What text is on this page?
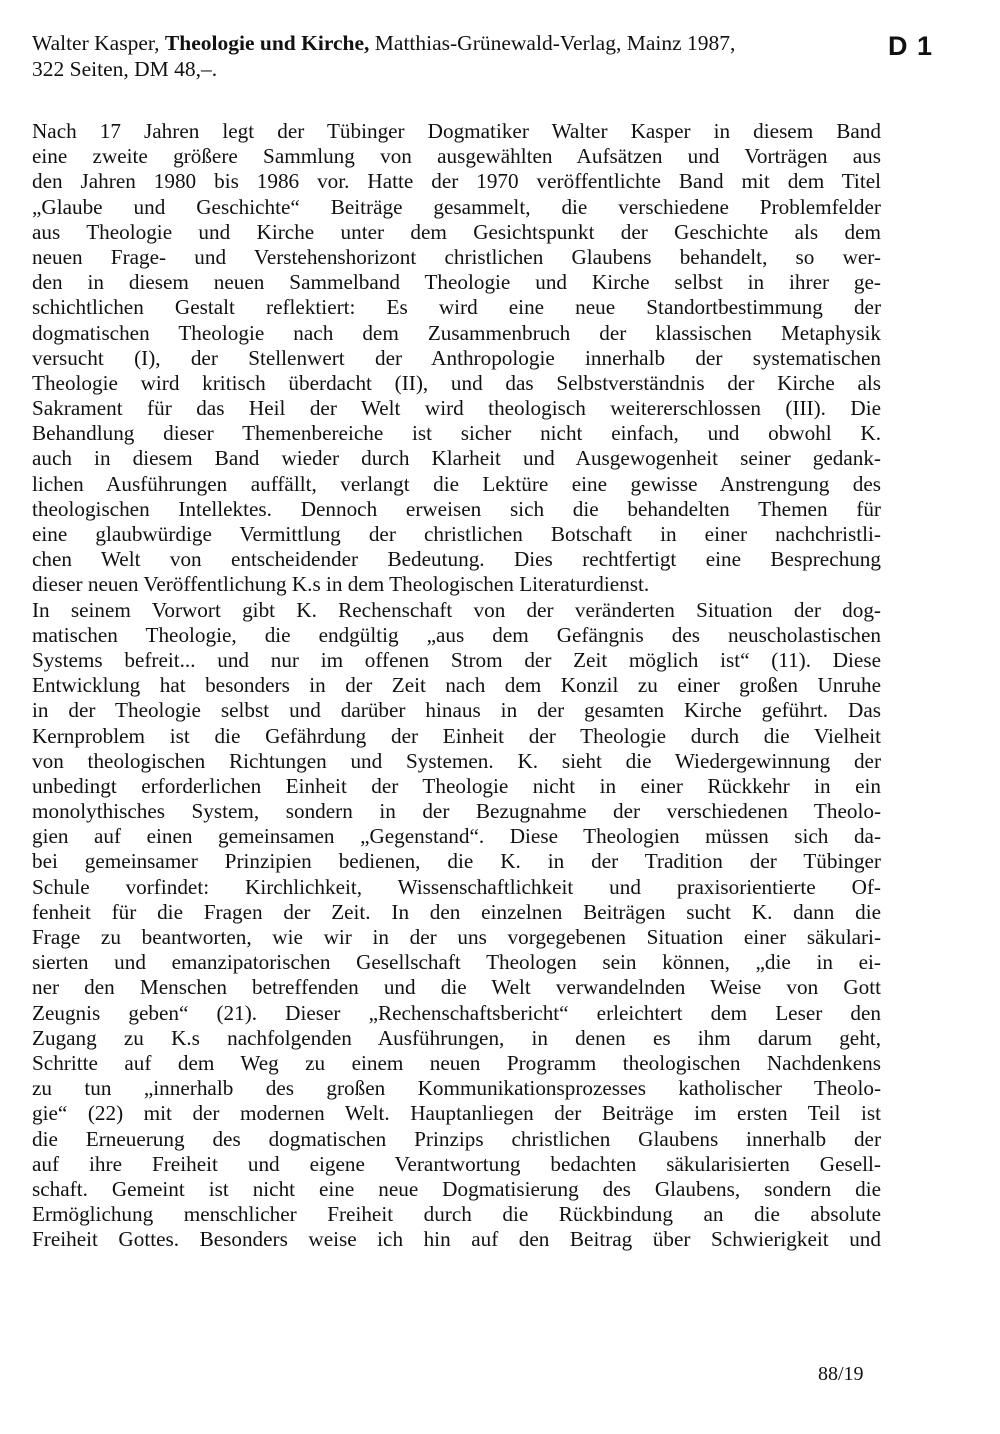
Walter Kasper, Theologie und Kirche, Matthias-Grünewald-Verlag, Mainz 1987,
322 Seiten, DM 48,–.
D 1
Nach 17 Jahren legt der Tübinger Dogmatiker Walter Kasper in diesem Band
eine zweite größere Sammlung von ausgewählten Aufsätzen und Vorträgen aus
den Jahren 1980 bis 1986 vor. Hatte der 1970 veröffentlichte Band mit dem Titel
„Glaube und Geschichte“ Beiträge gesammelt, die verschiedene Problemfelder
aus Theologie und Kirche unter dem Gesichtspunkt der Geschichte als dem
neuen Frage- und Verstehenshorizont christlichen Glaubens behandelt, so wer-
den in diesem neuen Sammelband Theologie und Kirche selbst in ihrer ge-
schichtlichen Gestalt reflektiert: Es wird eine neue Standortbestimmung der
dogmatischen Theologie nach dem Zusammenbruch der klassischen Metaphysik
versucht (I), der Stellenwert der Anthropologie innerhalb der systematischen
Theologie wird kritisch überdacht (II), und das Selbstverständnis der Kirche als
Sakrament für das Heil der Welt wird theologisch weitererschlossen (III). Die
Behandlung dieser Themenbereiche ist sicher nicht einfach, und obwohl K.
auch in diesem Band wieder durch Klarheit und Ausgewogenheit seiner gedank-
lichen Ausführungen auffällt, verlangt die Lektüre eine gewisse Anstrengung des
theologischen Intellektes. Dennoch erweisen sich die behandelten Themen für
eine glaubwürdige Vermittlung der christlichen Botschaft in einer nachchristli-
chen Welt von entscheidender Bedeutung. Dies rechtfertigt eine Besprechung
dieser neuen Veröffentlichung K.s in dem Theologischen Literaturdienst.
In seinem Vorwort gibt K. Rechenschaft von der veränderten Situation der dog-
matischen Theologie, die endgültig „aus dem Gefängnis des neuscholastischen
Systems befreit... und nur im offenen Strom der Zeit möglich ist“ (11). Diese
Entwicklung hat besonders in der Zeit nach dem Konzil zu einer großen Unruhe
in der Theologie selbst und darüber hinaus in der gesamten Kirche geführt. Das
Kernproblem ist die Gefährdung der Einheit der Theologie durch die Vielheit
von theologischen Richtungen und Systemen. K. sieht die Wiedergewinnung der
unbedingt erforderlichen Einheit der Theologie nicht in einer Rückkehr in ein
monolythisches System, sondern in der Bezugnahme der verschiedenen Theolo-
gien auf einen gemeinsamen „Gegenstand“. Diese Theologien müssen sich da-
bei gemeinsamer Prinzipien bedienen, die K. in der Tradition der Tübinger
Schule vorfindet: Kirchlichkeit, Wissenschaftlichkeit und praxisorientierte Of-
fenheit für die Fragen der Zeit. In den einzelnen Beiträgen sucht K. dann die
Frage zu beantworten, wie wir in der uns vorgegebenen Situation einer säkulari-
sierten und emanzipatorischen Gesellschaft Theologen sein können, „die in ei-
ner den Menschen betreffenden und die Welt verwandelnden Weise von Gott
Zeugnis geben“ (21). Dieser „Rechenschaftsbericht“ erleichtert dem Leser den
Zugang zu K.s nachfolgenden Ausführungen, in denen es ihm darum geht,
Schritte auf dem Weg zu einem neuen Programm theologischen Nachdenkens
zu tun „innerhalb des großen Kommunikationsprozesses katholischer Theolo-
gie“ (22) mit der modernen Welt. Hauptanliegen der Beiträge im ersten Teil ist
die Erneuerung des dogmatischen Prinzips christlichen Glaubens innerhalb der
auf ihre Freiheit und eigene Verantwortung bedachten säkularisierten Gesell-
schaft. Gemeint ist nicht eine neue Dogmatisierung des Glaubens, sondern die
Ermöglichung menschlicher Freiheit durch die Rückbindung an die absolute
Freiheit Gottes. Besonders weise ich hin auf den Beitrag über Schwierigkeit und
88/19
